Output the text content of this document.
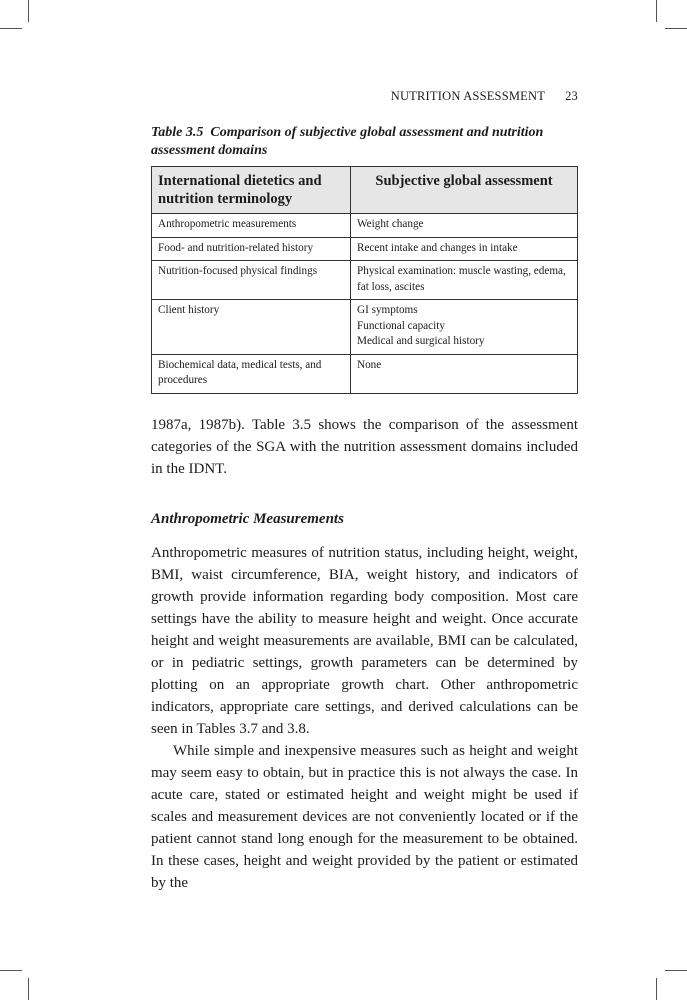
NUTRITION ASSESSMENT 23
Table 3.5 Comparison of subjective global assessment and nutrition assessment domains
International dietetics and nutrition terminology	Subjective global assessment

Anthropometric measurements	Weight change

Food- and nutrition-related history	Recent intake and changes in intake

Nutrition-focused physical findings	Physical examination: muscle wasting, edema, fat loss, ascites

Client history	GI symptoms
Functional capacity
Medical and surgical history

Biochemical data, medical tests, and procedures	None

1987a, 1987b). Table 3.5 shows the comparison of the assessment categories of the SGA with the nutrition assessment domains included in the IDNT.

Anthropometric Measurements

Anthropometric measures of nutrition status, including height, weight, BMI, waist circumference, BIA, weight history, and indicators of growth provide information regarding body composition. Most care settings have the ability to measure height and weight. Once accurate height and weight measurements are available, BMI can be calculated, or in pediatric settings, growth parameters can be determined by plotting on an appropriate growth chart. Other anthropometric indicators, appropriate care settings, and derived calculations can be seen in Tables 3.7 and 3.8.

While simple and inexpensive measures such as height and weight may seem easy to obtain, but in practice this is not always the case. In acute care, stated or estimated height and weight might be used if scales and measurement devices are not conveniently located or if the patient cannot stand long enough for the measurement to be obtained. In these cases, height and weight provided by the patient or estimated by the
